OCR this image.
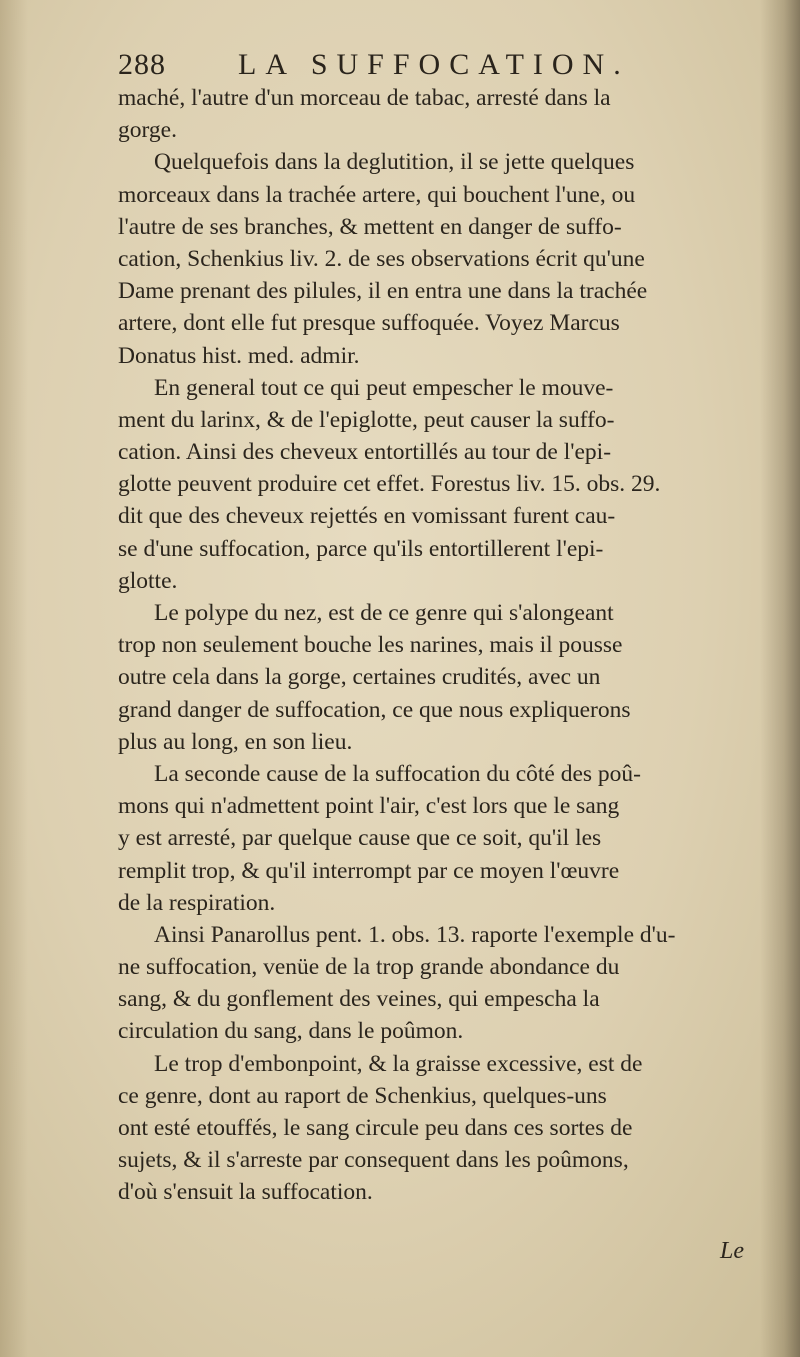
288 LA SUFFOCATION.
maché, l'autre d'un morceau de tabac, arresté dans la
gorge.
Quelquefois dans la deglutition, il se jette quelques
morceaux dans la trachée artere, qui bouchent l'une, ou
l'autre de ses branches, & mettent en danger de suffo-
cation, Schenkius liv. 2. de ses observations écrit qu'une
Dame prenant des pilules, il en entra une dans la trachée
artere, dont elle fut presque suffoquée. Voyez Marcus
Donatus hist. med. admir.
En general tout ce qui peut empescher le mouve-
ment du larinx, & de l'epiglotte, peut causer la suffo-
cation. Ainsi des cheveux entortillés au tour de l'epi-
glotte peuvent produire cet effet. Forestus liv. 15. obs. 29.
dit que des cheveux rejettés en vomissant furent cau-
se d'une suffocation, parce qu'ils entortillerent l'epi-
glotte.
Le polype du nez, est de ce genre qui s'alongeant
trop non seulement bouche les narines, mais il pousse
outre cela dans la gorge, certaines crudités, avec un
grand danger de suffocation, ce que nous expliquerons
plus au long, en son lieu.
La seconde cause de la suffocation du côté des poû-
mons qui n'admettent point l'air, c'est lors que le sang
y est arresté, par quelque cause que ce soit, qu'il les
remplit trop, & qu'il interrompt par ce moyen l'œuvre
de la respiration.
Ainsi Panarollus pent. 1. obs. 13. raporte l'exemple d'u-
ne suffocation, venüe de la trop grande abondance du
sang, & du gonflement des veines, qui empescha la
circulation du sang, dans le poûmon.
Le trop d'embonpoint, & la graisse excessive, est de
ce genre, dont au raport de Schenkius, quelques-uns
ont esté etouffés, le sang circule peu dans ces sortes de
sujets, & il s'arreste par consequent dans les poûmons,
d'où s'ensuit la suffocation.
Le
